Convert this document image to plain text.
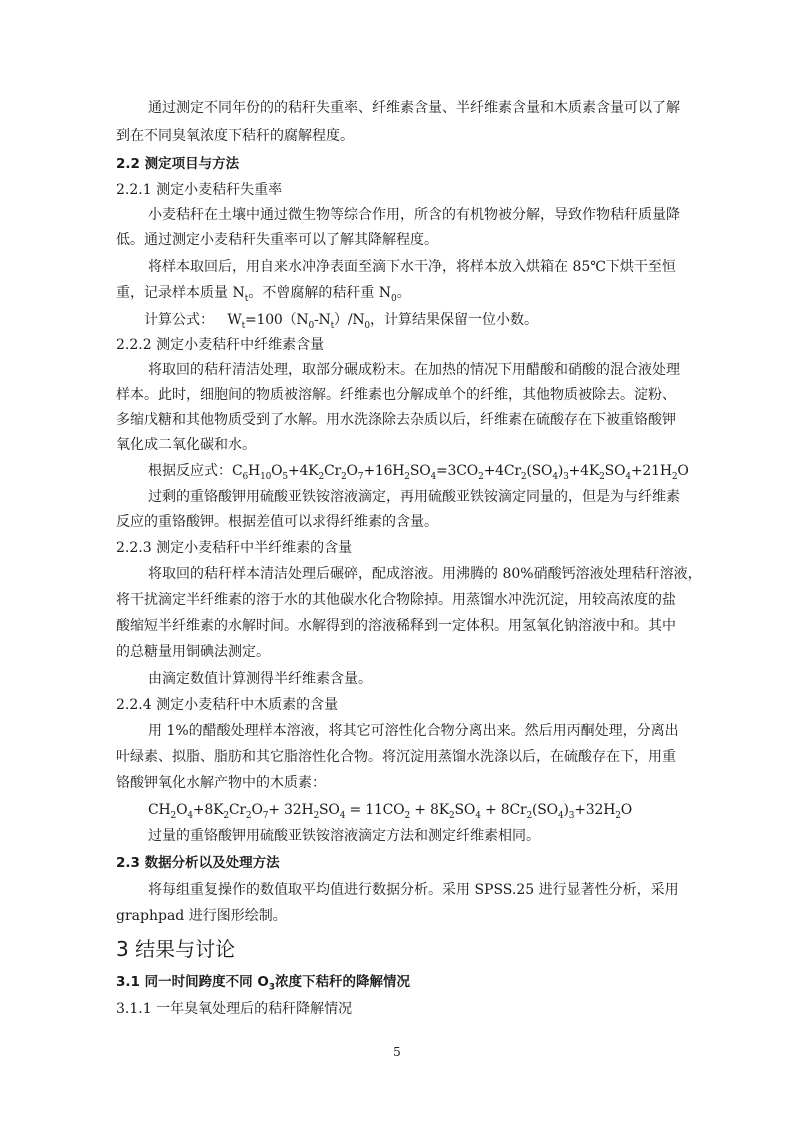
通过测定不同年份的的秸秆失重率、纤维素含量、半纤维素含量和木质素含量可以了解
到在不同臭氧浓度下秸秆的腐解程度。
2.2 测定项目与方法
2.2.1 测定小麦秸秆失重率
小麦秸秆在土壤中通过微生物等综合作用，所含的有机物被分解，导致作物秸秆质量降
低。通过测定小麦秸秆失重率可以了解其降解程度。
将样本取回后，用自来水冲净表面至滴下水干净，将样本放入烘箱在 85℃下烘干至恒
重，记录样本质量 $N_t$。不曾腐解的秸秆重 $N_0$。
计算公式： $W_t=100(N_0-N_t)/N_0$，计算结果保留一位小数。
2.2.2 测定小麦秸秆中纤维素含量
将取回的秸秆清洁处理，取部分碾成粉末。在加热的情况下用醋酸和硝酸的混合液处理
样本。此时，细胞间的物质被溶解。纤维素也分解成单个的纤维，其他物质被除去。淀粉、
多缩戊糖和其他物质受到了水解。用水洗涤除去杂质以后，纤维素在硫酸存在下被重铬酸钾
氧化成二氧化碳和水。
根据反应式：$C_6H_{10}O_5+4K_2Cr_2O_7+16H_2SO_4=3CO_2+4Cr_2(SO_4)_3+4K_2SO_4+21H_2O$
过剩的重铬酸钾用硫酸亚铁铵溶液滴定，再用硫酸亚铁铵滴定同量的，但是为与纤维素
反应的重铬酸钾。根据差值可以求得纤维素的含量。
2.2.3 测定小麦秸秆中半纤维素的含量
将取回的秸秆样本清洁处理后碾碎，配成溶液。用沸腾的 80%硝酸钙溶液处理秸秆溶液，
将干扰滴定半纤维素的溶于水的其他碳水化合物除掉。用蒸馏水冲洗沉淀，用较高浓度的盐
酸缩短半纤维素的水解时间。水解得到的溶液稀释到一定体积。用氢氧化钠溶液中和。其中
的总糖量用铜碘法测定。
由滴定数值计算测得半纤维素含量。
2.2.4 测定小麦秸秆中木质素的含量
用 1%的醋酸处理样本溶液，将其它可溶性化合物分离出来。然后用丙酮处理，分离出
叶绿素、拟脂、脂肪和其它脂溶性化合物。将沉淀用蒸馏水洗涤以后，在硫酸存在下，用重
铬酸钾氧化水解产物中的木质素：
$CH_2O_4+8K_2Cr_2O_7+ 32H_2SO_4 = 11CO_2 + 8K_2SO_4 + 8Cr_2(SO_4)_3+32H_2O$
过量的重铬酸钾用硫酸亚铁铵溶液滴定方法和测定纤维素相同。
2.3 数据分析以及处理方法
将每组重复操作的数值取平均值进行数据分析。采用 SPSS.25 进行显著性分析，采用
graphpad 进行图形绘制。
3 结果与讨论
3.1 同一时间跨度不同 $O_3$浓度下秸秆的降解情况
3.1.1 一年臭氧处理后的秸秆降解情况
5
